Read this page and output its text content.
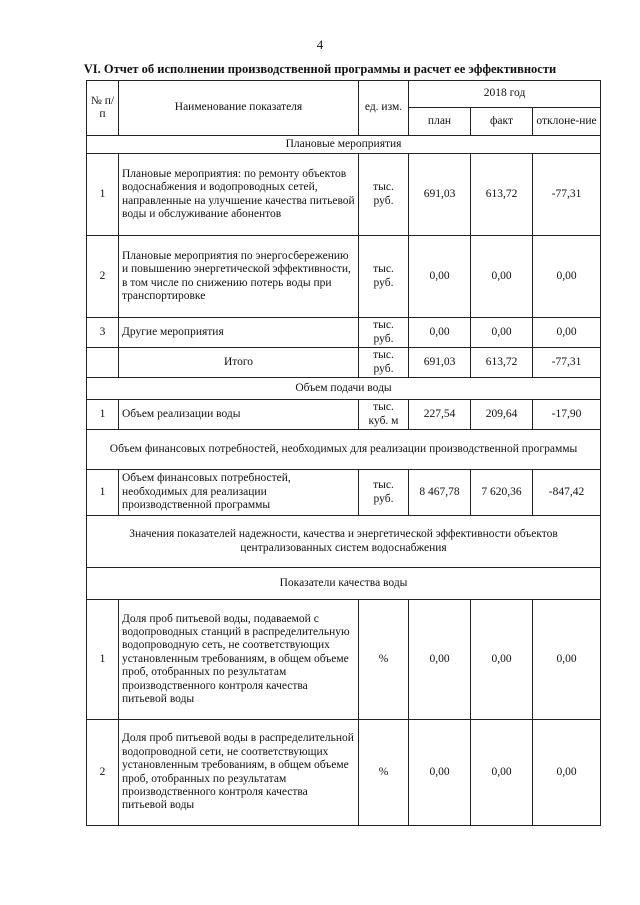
4
VI. Отчет об исполнении производственной программы и расчет ее эффективности
№ п/п	Наименование показателя	ед. изм.	2018 год		
			план	факт	отклоне-ние
Плановые мероприятия					
1	Плановые мероприятия: по ремонту объектов водоснабжения и водопроводных сетей, направленные на улучшение качества питьевой воды и обслуживание абонентов	тыс. руб.	691,03	613,72	-77,31
2	Плановые мероприятия по энергосбережению и повышению энергетической эффективности, в том числе по снижению потерь воды при транспортировке	тыс. руб.	0,00	0,00	0,00
3	Другие мероприятия	тыс. руб.	0,00	0,00	0,00
	Итого	тыс. руб.	691,03	613,72	-77,31
Объем подачи воды					
1	Объем реализации воды	тыс. куб. м	227,54	209,64	-17,90
Объем финансовых потребностей, необходимых для реализации производственной программы					
1	Объем финансовых потребностей, необходимых для реализации производственной программы	тыс. руб.	8 467,78	7 620,36	-847,42
Значения показателей надежности, качества и энергетической эффективности объектов централизованных систем водоснабжения					
Показатели качества воды					
1	Доля проб питьевой воды, подаваемой с водопроводных станций в распределительную водопроводную сеть, не соответствующих установленным требованиям, в общем объеме проб, отобранных по результатам производственного контроля качества питьевой воды	%	0,00	0,00	0,00
2	Доля проб питьевой воды в распределительной водопроводной сети, не соответствующих установленным требованиям, в общем объеме проб, отобранных по результатам производственного контроля качества питьевой воды	%	0,00	0,00	0,00
